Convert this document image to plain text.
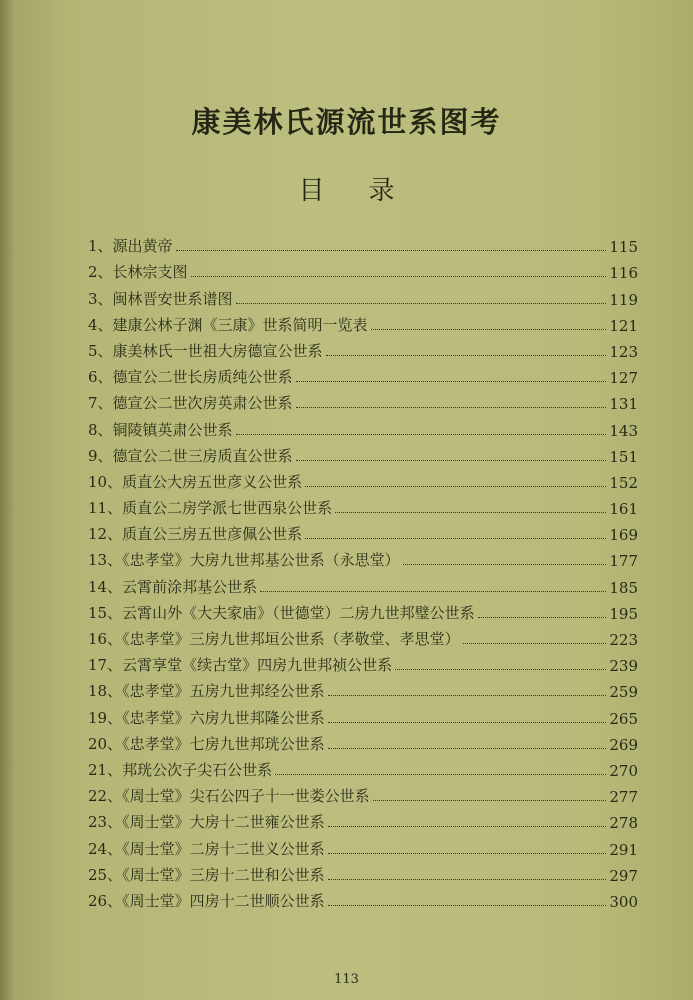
康美林氏源流世系图考
目 录
1、源出黄帝	115
2、长林宗支图	116
3、闽林晋安世系谱图	119
4、建康公林子渊《三康》世系简明一览表	121
5、康美林氏一世祖大房德宣公世系	123
6、德宣公二世长房质纯公世系	127
7、德宣公二世次房英肃公世系	131
8、铜陵镇英肃公世系	143
9、德宣公二世三房质直公世系	151
10、质直公大房五世彦义公世系	152
11、质直公二房学派七世西泉公世系	161
12、质直公三房五世彦佩公世系	169
13、《忠孝堂》大房九世邦基公世系（永思堂）	177
14、云霄前涂邦基公世系	185
15、云霄山外《大夫家庙》（世德堂）二房九世邦璧公世系	195
16、《忠孝堂》三房九世邦垣公世系（孝敬堂、孝思堂）	223
17、云霄享堂《续古堂》四房九世邦祯公世系	239
18、《忠孝堂》五房九世邦经公世系	259
19、《忠孝堂》六房九世邦隆公世系	265
20、《忠孝堂》七房九世邦珖公世系	269
21、邦珖公次子尖石公世系	270
22、《周士堂》尖石公四子十一世娄公世系	277
23、《周士堂》大房十二世雍公世系	278
24、《周士堂》二房十二世义公世系	291
25、《周士堂》三房十二世和公世系	297
26、《周士堂》四房十二世顺公世系	300
113
